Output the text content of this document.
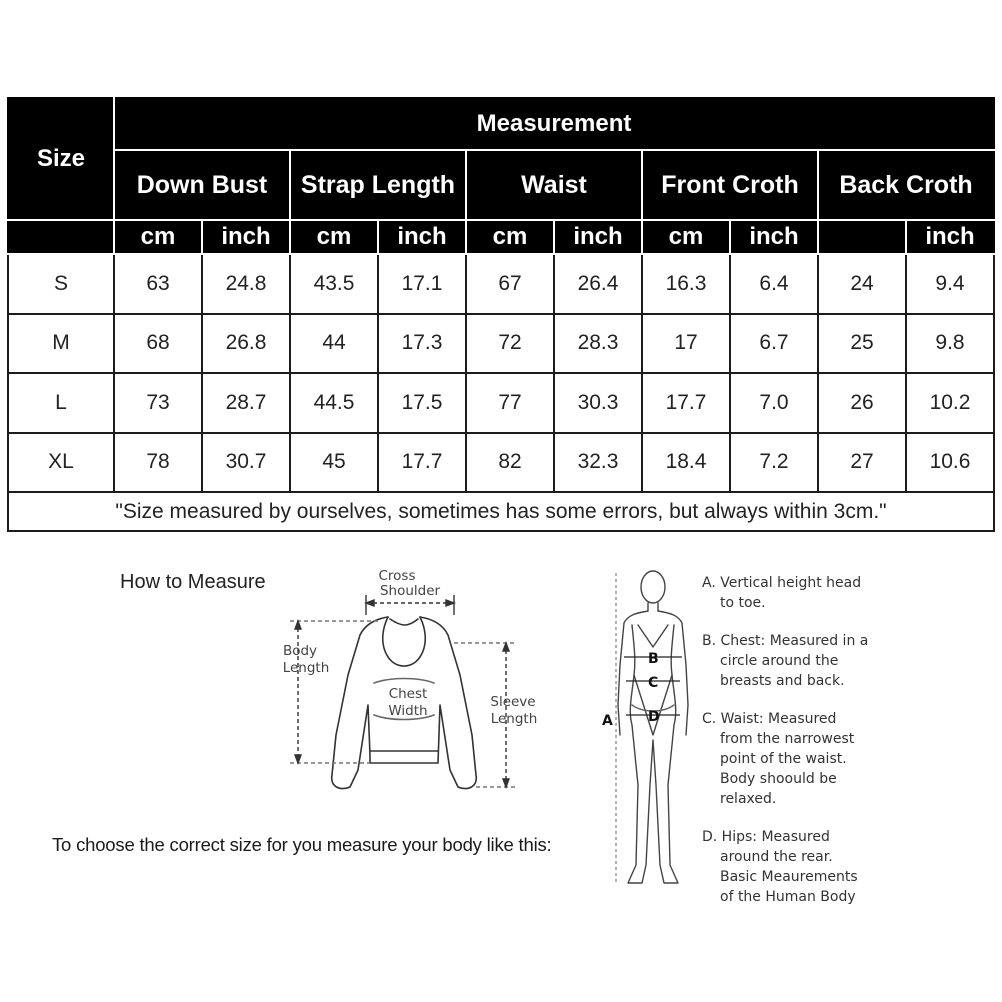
Size	Measurement									
	Down Bust		Strap Length		Waist		Front Croth		Back Croth	
	cm	inch	cm	inch	cm	inch	cm	inch		inch
S	63	24.8	43.5	17.1	67	26.4	16.3	6.4	24	9.4
M	68	26.8	44	17.3	72	28.3	17	6.7	25	9.8
L	73	28.7	44.5	17.5	77	30.3	17.7	7.0	26	10.2
XL	78	30.7	45	17.7	82	32.3	18.4	7.2	27	10.6
"Size measured by ourselves, sometimes has some errors, but always within 3cm."										
How to Measure	Cross
Shoulder
Body
Length
Chest
Width
Sleeve
Length
To choose the correct size for you measure your body like this:
B
C
D
A
A. Vertical height head
to toe.
B. Chest: Measured in a
circle around the
breasts and back.
C. Waist: Measured
from the narrowest
point of the waist.
Body shoould be
relaxed.
D. Hips: Measured
around the rear.
Basic Meaurements
of the Human Body
